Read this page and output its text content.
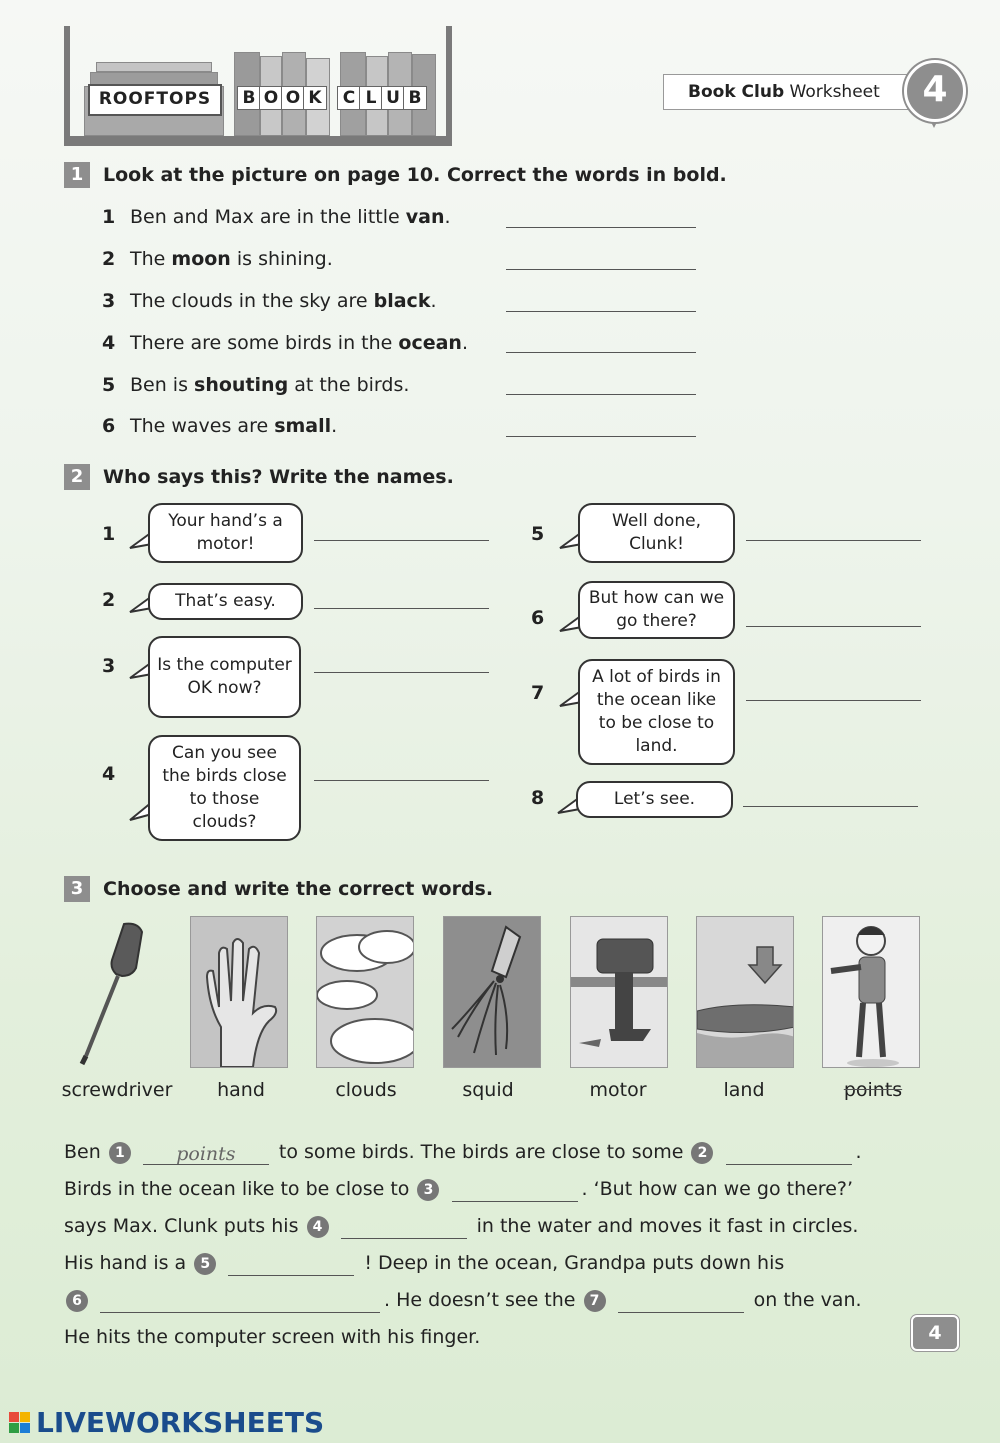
ROOFTOPS	B O O K	C L U B	Book Club Worksheet	4
1	Look at the picture on page 10. Correct the words in bold.
1 Ben and Max are in the little van.
2 The moon is shining.
3 The clouds in the sky are black.
4 There are some birds in the ocean.
5 Ben is shouting at the birds.
6 The waves are small.
2	Who says this? Write the names.
1
Your hand’s a motor!
2	That’s easy.
3	Is the computer OK now?
4
Can you see the birds close to those clouds?
5
Well done, Clunk!
6
But how can we go there?
7
A lot of birds in the ocean like to be close to land.
8	Let’s see.
3	Choose and write the correct words.
screwdriver	hand	clouds	squid	motor	land	points
Ben 1	points to some birds. The birds are close to some 2	.
Birds in the ocean like to be close to 3	. ‘But how can we go there?’
says Max. Clunk puts his 4	in the water and moves it fast in circles.
His hand is a 5	! Deep in the ocean, Grandpa puts down his
6	. He doesn’t see the 7	on the van.
He hits the computer screen with his finger.	4
LIVEWORKSHEETS
